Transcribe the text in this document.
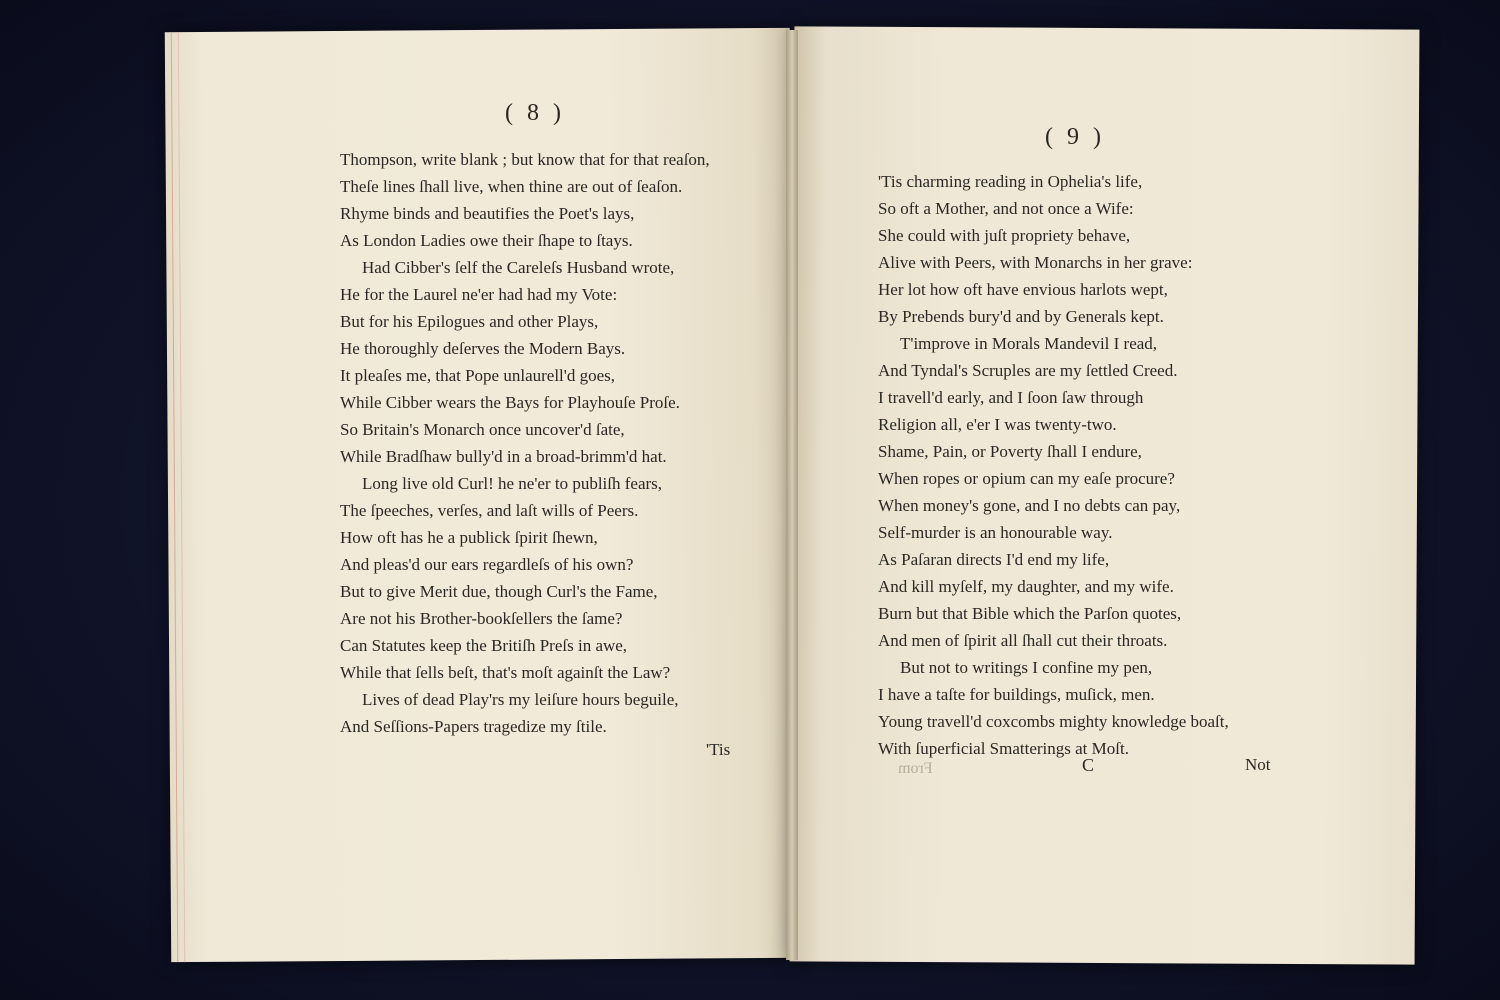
( 8 )
( 9 )
Thompson, write blank ; but know that for that reaſon,
Theſe lines ſhall live, when thine are out of ſeaſon.
Rhyme binds and beautifies the Poet's lays,
As London Ladies owe their ſhape to ſtays.
Had Cibber's ſelf the Careleſs Husband wrote,
He for the Laurel ne'er had had my Vote:
But for his Epilogues and other Plays,
He thoroughly deſerves the Modern Bays.
It pleaſes me, that Pope unlaurell'd goes,
While Cibber wears the Bays for Playhouſe Proſe.
So Britain's Monarch once uncover'd ſate,
While Bradſhaw bully'd in a broad-brimm'd hat.
Long live old Curl! he ne'er to publiſh fears,
The ſpeeches, verſes, and laſt wills of Peers.
How oft has he a publick ſpirit ſhewn,
And pleas'd our ears regardleſs of his own?
But to give Merit due, though Curl's the Fame,
Are not his Brother-bookſellers the ſame?
Can Statutes keep the Britiſh Preſs in awe,
While that ſells beſt, that's moſt againſt the Law?
Lives of dead Play'rs my leiſure hours beguile,
And Seſſions-Papers tragedize my ſtile.
'Tis
'Tis charming reading in Ophelia's life,
So oft a Mother, and not once a Wife:
She could with juſt propriety behave,
Alive with Peers, with Monarchs in her grave:
Her lot how oft have envious harlots wept,
By Prebends bury'd and by Generals kept.
T'improve in Morals Mandevil I read,
And Tyndal's Scruples are my ſettled Creed.
I travell'd early, and I ſoon ſaw through
Religion all, e'er I was twenty-two.
Shame, Pain, or Poverty ſhall I endure,
When ropes or opium can my eaſe procure?
When money's gone, and I no debts can pay,
Self-murder is an honourable way.
As Paſaran directs I'd end my life,
And kill myſelf, my daughter, and my wife.
Burn but that Bible which the Parſon quotes,
And men of ſpirit all ſhall cut their throats.
But not to writings I confine my pen,
I have a taſte for buildings, muſick, men.
Young travell'd coxcombs mighty knowledge boaſt,
With ſuperficial Smatterings at Moſt.
C	Not
From
